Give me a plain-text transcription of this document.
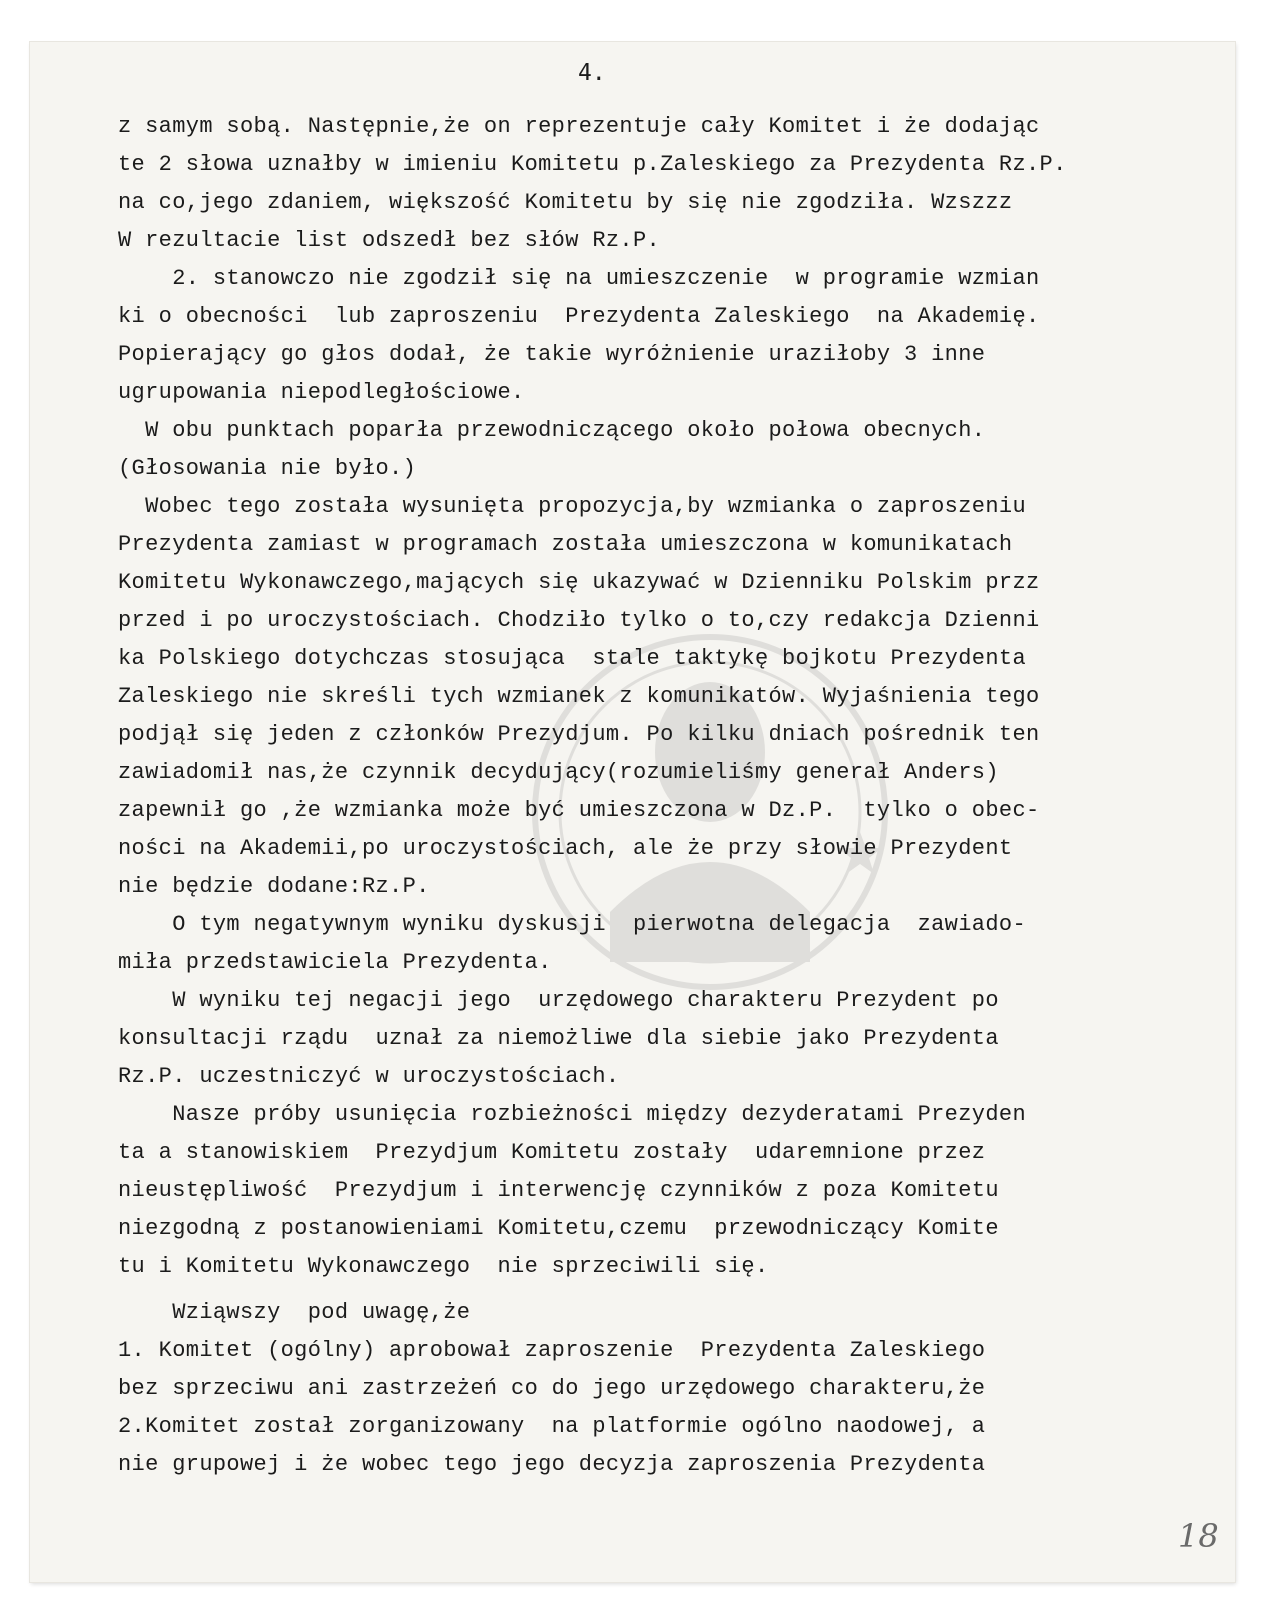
4.
z samym sobą. Następnie,że on reprezentuje cały Komitet i że dodając
te 2 słowa uznałby w imieniu Komitetu p.Zaleskiego za Prezydenta Rz.P.
na co,jego zdaniem, większość Komitetu by się nie zgodziła. Wzszzz
W rezultacie list odszedł bez słów Rz.P.
2. stanowczo nie zgodził się na umieszczenie  w programie wzmian
ki o obecności  lub zaproszeniu  Prezydenta Zaleskiego  na Akademię.
Popierający go głos dodał, że takie wyróżnienie uraziłoby 3 inne
ugrupowania niepodległościowe.
W obu punktach poparła przewodniczącego około połowa obecnych.
(Głosowania nie było.)
Wobec tego została wysunięta propozycja,by wzmianka o zaproszeniu
Prezydenta zamiast w programach została umieszczona w komunikatach
Komitetu Wykonawczego,mających się ukazywać w Dzienniku Polskim przz
przed i po uroczystościach. Chodziło tylko o to,czy redakcja Dzienni
ka Polskiego dotychczas stosująca  stale taktykę bojkotu Prezydenta
Zaleskiego nie skreśli tych wzmianek z komunikatów. Wyjaśnienia tego
podjął się jeden z członków Prezydjum. Po kilku dniach pośrednik ten
zawiadomił nas,że czynnik decydujący(rozumieliśmy generał Anders)
zapewnił go ,że wzmianka może być umieszczona w Dz.P.  tylko o obec-
ności na Akademii,po uroczystościach, ale że przy słowie Prezydent
nie będzie dodane:Rz.P.
O tym negatywnym wyniku dyskusji  pierwotna delegacja  zawiado-
miła przedstawiciela Prezydenta.
W wyniku tej negacji jego  urzędowego charakteru Prezydent po
konsultacji rządu  uznał za niemożliwe dla siebie jako Prezydenta
Rz.P. uczestniczyć w uroczystościach.
Nasze próby usunięcia rozbieżności między dezyderatami Prezyden
ta a stanowiskiem  Prezydjum Komitetu zostały  udaremnione przez
nieustępliwość  Prezydjum i interwencję czynników z poza Komitetu
niezgodną z postanowieniami Komitetu,czemu  przewodniczący Komite
tu i Komitetu Wykonawczego  nie sprzeciwili się.
Wziąwszy  pod uwagę,że
1. Komitet (ogólny) aprobował zaproszenie  Prezydenta Zaleskiego
bez sprzeciwu ani zastrzeżeń co do jego urzędowego charakteru,że
2.Komitet został zorganizowany  na platformie ogólno naodowej, a
nie grupowej i że wobec tego jego decyzja zaproszenia Prezydenta
18
